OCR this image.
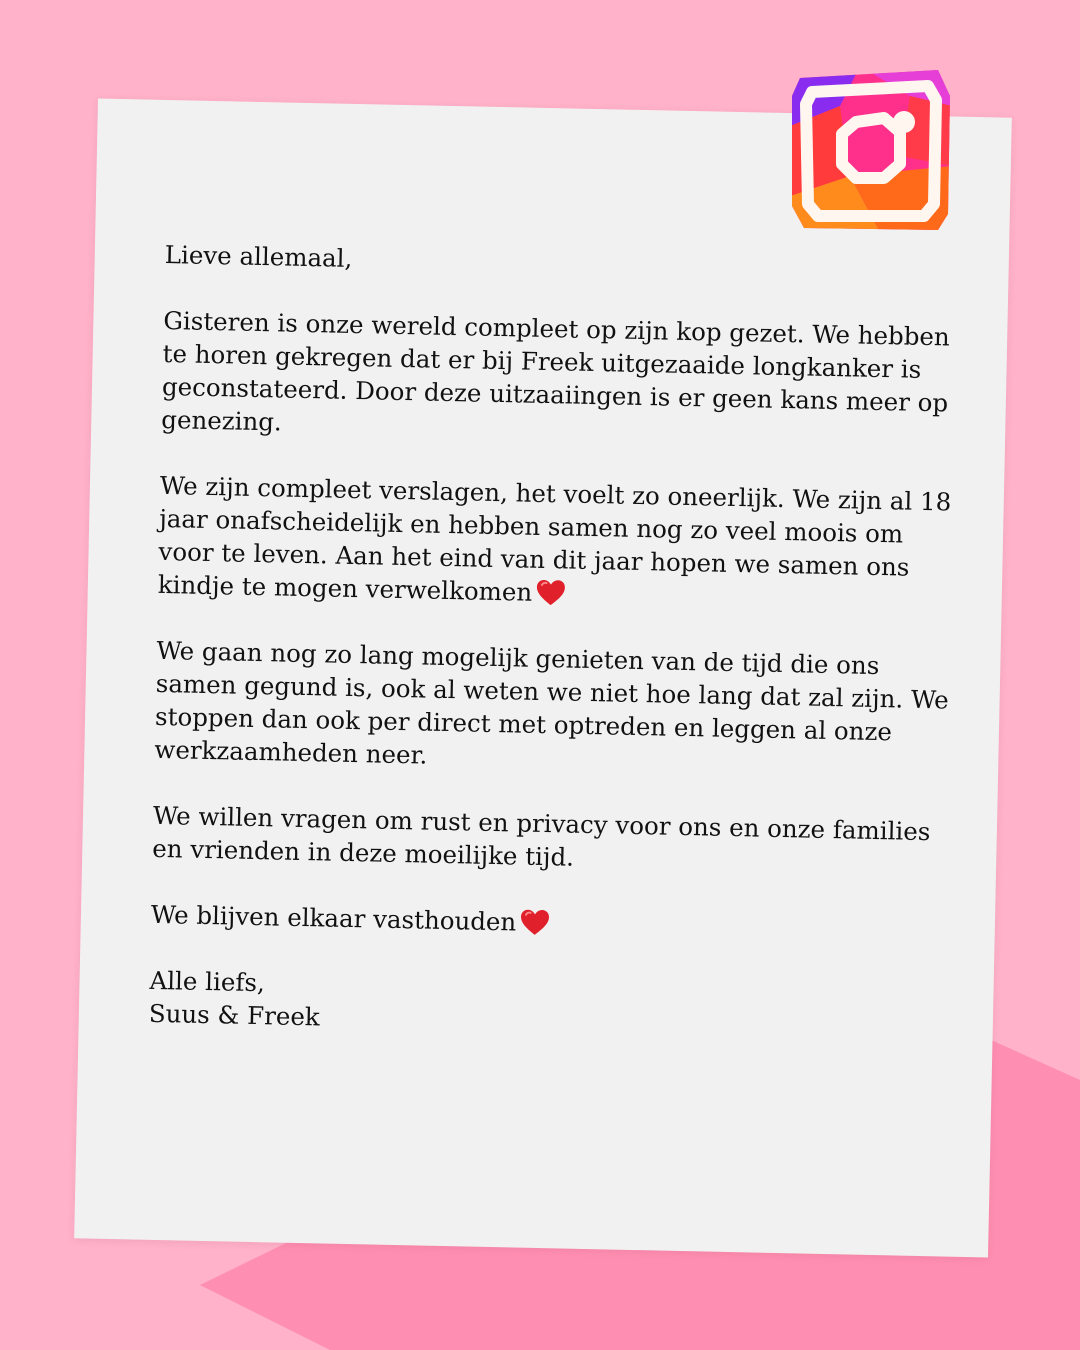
Lieve allemaal,

Gisteren is onze wereld compleet op zijn kop gezet. We hebben te horen gekregen dat er bij Freek uitgezaaide longkanker is geconstateerd. Door deze uitzaaiingen is er geen kans meer op genezing.

We zijn compleet verslagen, het voelt zo oneerlijk. We zijn al 18 jaar onafscheidelijk en hebben samen nog zo veel moois om voor te leven. Aan het eind van dit jaar hopen we samen ons kindje te mogen verwelkomen

We gaan nog zo lang mogelijk genieten van de tijd die ons samen gegund is, ook al weten we niet hoe lang dat zal zijn. We stoppen dan ook per direct met optreden en leggen al onze werkzaamheden neer.

We willen vragen om rust en privacy voor ons en onze families en vrienden in deze moeilijke tijd.

We blijven elkaar vasthouden

Alle liefs,
Suus & Freek
